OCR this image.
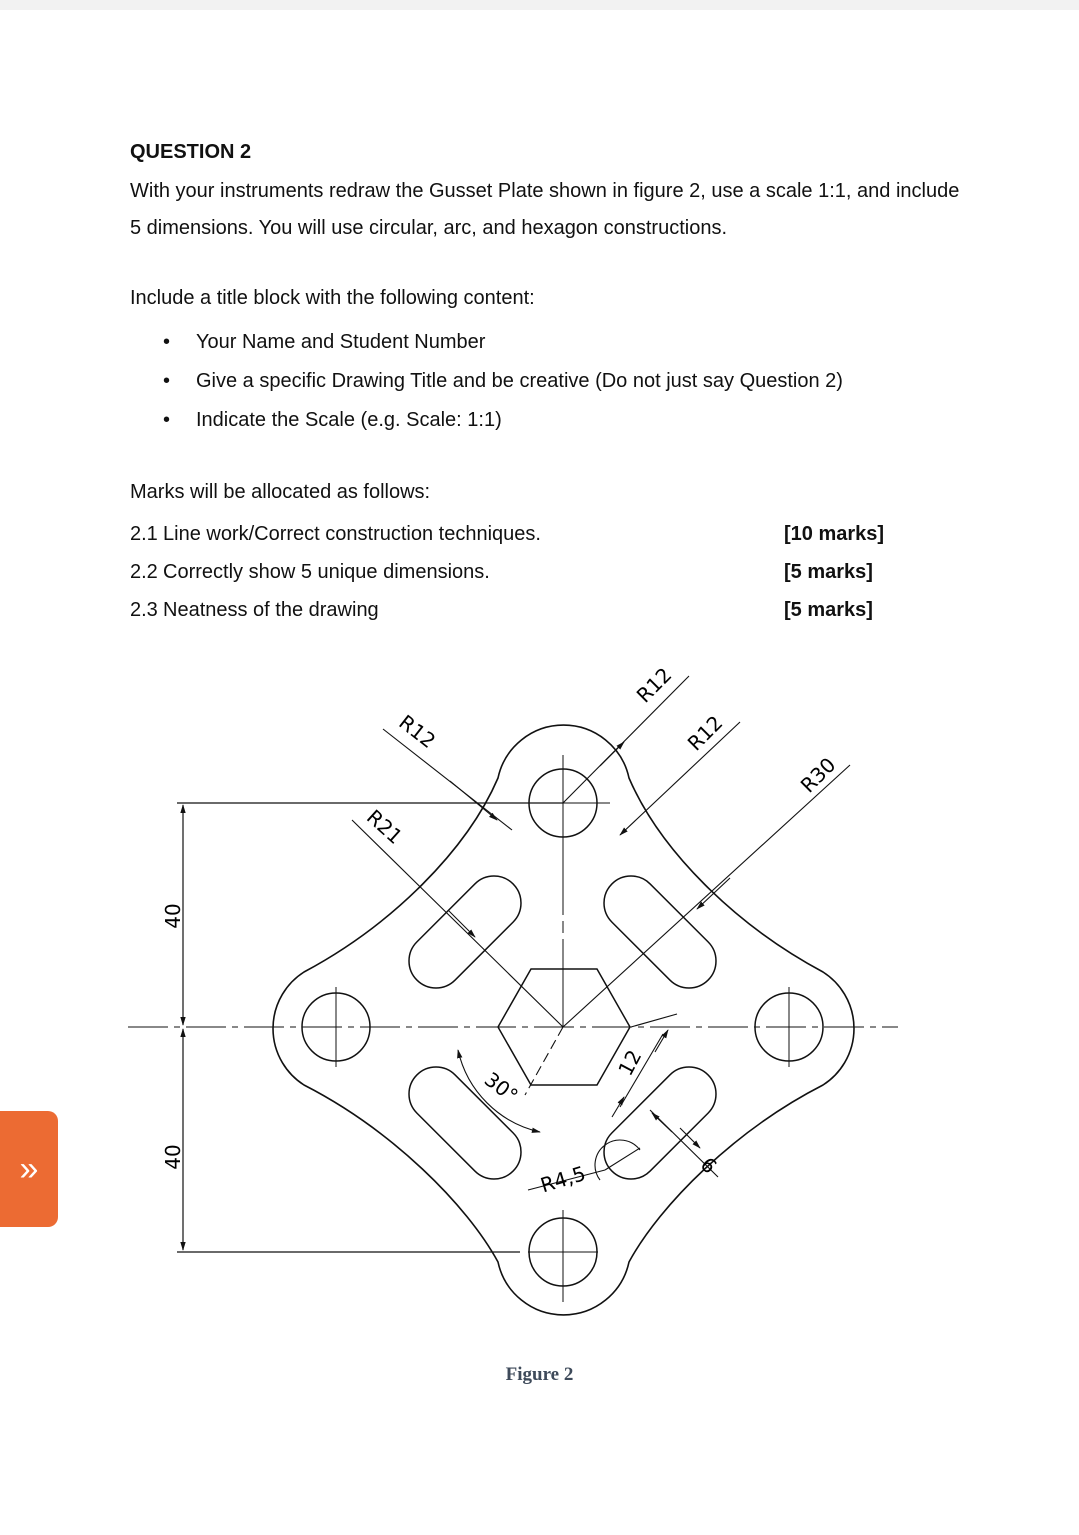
QUESTION 2

With your instruments redraw the Gusset Plate shown in figure 2, use a scale 1:1, and include 5 dimensions. You will use circular, arc, and hexagon constructions.

Include a title block with the following content:

• Your Name and Student Number
• Give a specific Drawing Title and be creative (Do not just say Question 2)
• Indicate the Scale (e.g. Scale: 1:1)

Marks will be allocated as follows:

2.1 Line work/Correct construction techniques.	[10 marks]
2.2 Correctly show 5 unique dimensions.	[5 marks]
2.3 Neatness of the drawing	[5 marks]
40
40
R12
R12
R12
R30
R21
12
30°
R4,5	9
Figure 2
»
